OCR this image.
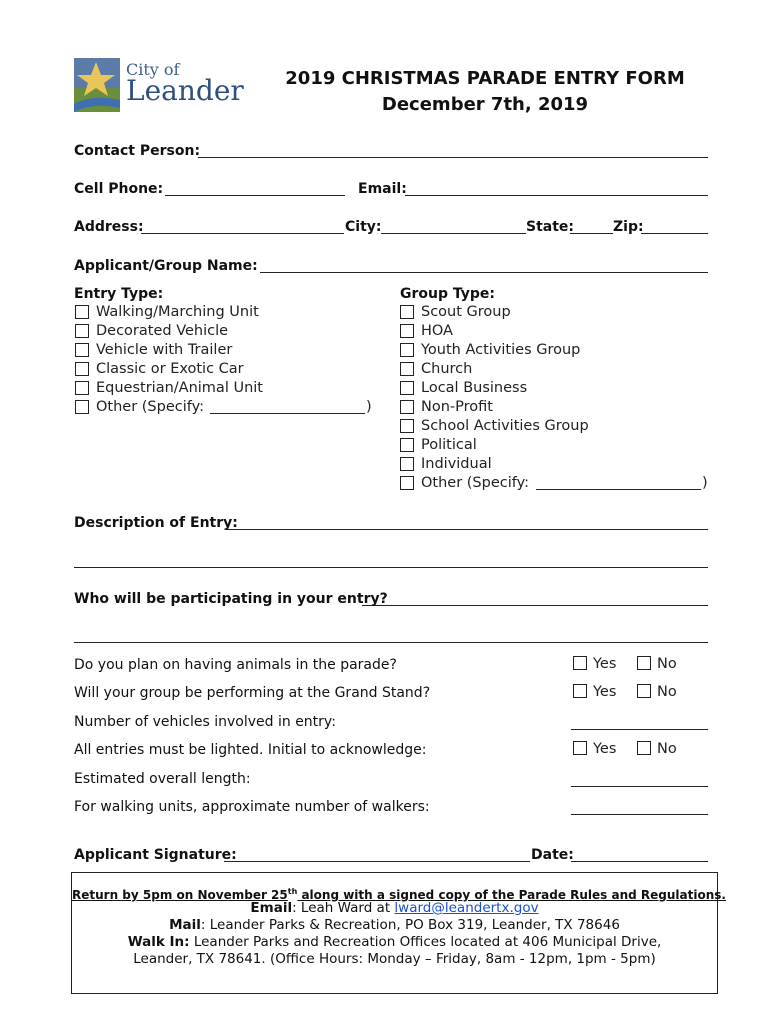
City of
Leander	2019 CHRISTMAS PARADE ENTRY FORM
December 7th, 2019
Contact Person:
Cell Phone:	Email:
Address:	City:	State:	Zip:
Applicant/Group Name:
Entry Type:
Walking/Marching Unit
Decorated Vehicle
Vehicle with Trailer
Classic or Exotic Car
Equestrian/Animal Unit
Other (Specify:	)
Group Type:
Scout Group
HOA
Youth Activities Group
Church
Local Business
Non-Profit
School Activities Group
Political
Individual
Other (Specify:	)
Description of Entry:
Who will be participating in your entry?
Do you plan on having animals in the parade?	Yes	No
Will your group be performing at the Grand Stand?	Yes	No
Number of vehicles involved in entry:
All entries must be lighted. Initial to acknowledge:	Yes	No
Estimated overall length:
For walking units, approximate number of walkers:
Applicant Signature:	Date:
Return by 5pm on November 25th along with a signed copy of the Parade Rules and Regulations.
Email: Leah Ward at lward@leandertx.gov
Mail: Leander Parks & Recreation, PO Box 319, Leander, TX 78646
Walk In: Leander Parks and Recreation Offices located at 406 Municipal Drive,
Leander, TX 78641. (Office Hours: Monday – Friday, 8am - 12pm, 1pm - 5pm)
